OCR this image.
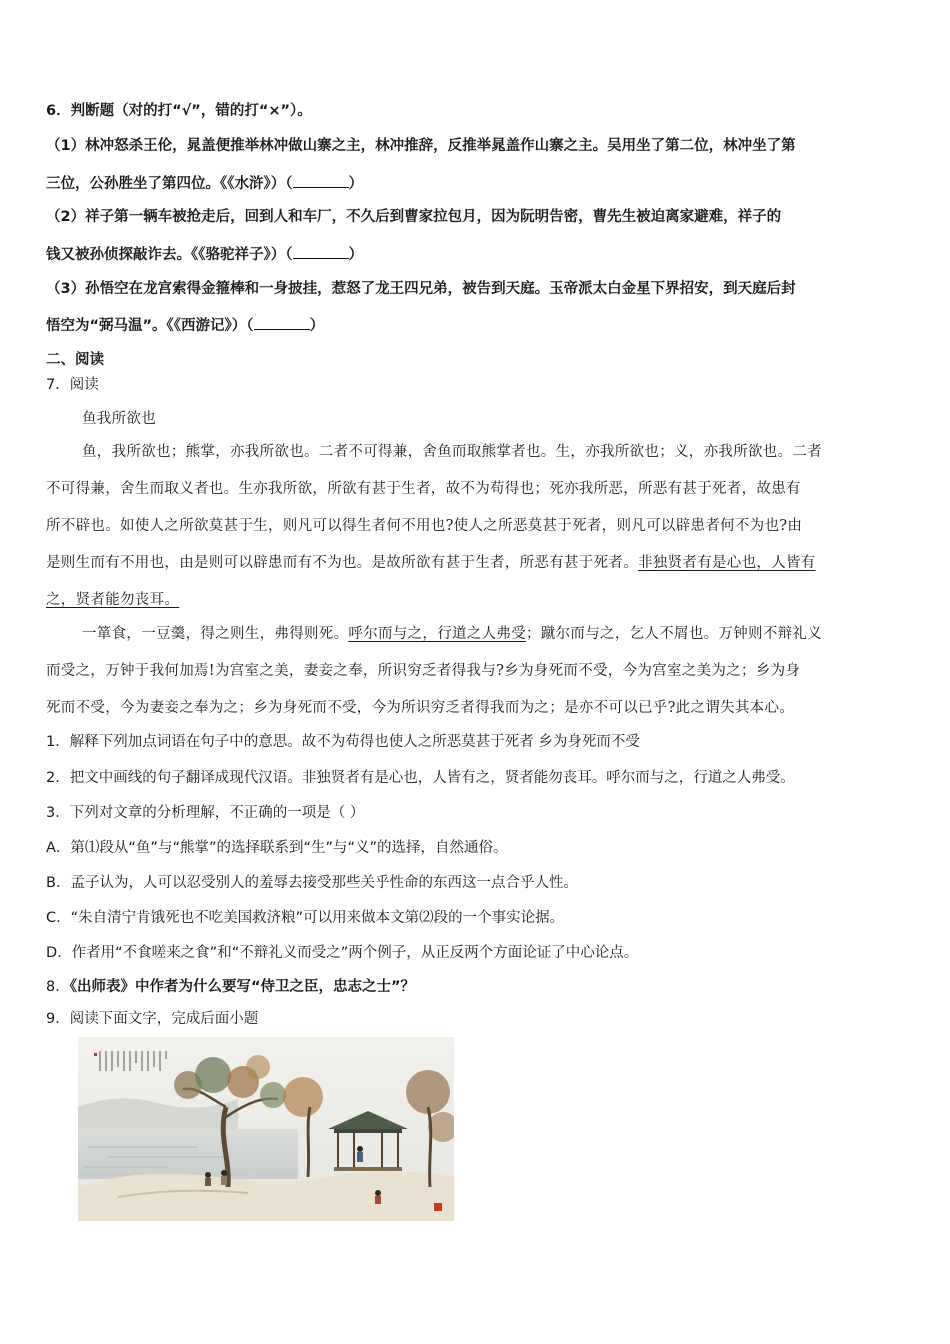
6．判断题（对的打“√”，错的打“×”）。
（1）林冲怒杀王伦，晁盖便推举林冲做山寨之主，林冲推辞，反推举晁盖作山寨之主。吴用坐了第二位，林冲坐了第
三位，公孙胜坐了第四位。《《水浒》）（	）
（2）祥子第一辆车被抢走后，回到人和车厂，不久后到曹家拉包月，因为阮明告密，曹先生被迫离家避难，祥子的
钱又被孙侦探敲诈去。《《骆驼祥子》）（	）
（3）孙悟空在龙宫索得金箍棒和一身披挂，惹怒了龙王四兄弟，被告到天庭。玉帝派太白金星下界招安，到天庭后封
悟空为“弼马温”。《《西游记》）（	）
二、阅读
7．阅读
鱼我所欲也
鱼，我所欲也；熊掌，亦我所欲也。二者不可得兼，舍鱼而取熊掌者也。生，亦我所欲也；义，亦我所欲也。二者
不可得兼，舍生而取义者也。生亦我所欲，所欲有甚于生者，故不为苟得也；死亦我所恶，所恶有甚于死者，故患有
所不辟也。如使人之所欲莫甚于生，则凡可以得生者何不用也?使人之所恶莫甚于死者，则凡可以辟患者何不为也?由
是则生而有不用也，由是则可以辟患而有不为也。是故所欲有甚于生者，所恶有甚于死者。非独贤者有是心也，人皆有
之，贤者能勿丧耳。
一箪食，一豆羹，得之则生，弗得则死。呼尔而与之，行道之人弗受；蹴尔而与之，乞人不屑也。万钟则不辩礼义
而受之，万钟于我何加焉!为宫室之美，妻妾之奉，所识穷乏者得我与?乡为身死而不受，今为宫室之美为之；乡为身
死而不受，今为妻妾之奉为之；乡为身死而不受，今为所识穷乏者得我而为之；是亦不可以已乎?此之谓失其本心。
1．解释下列加点词语在句子中的意思。故不为苟得也使人之所恶莫甚于死者 乡为身死而不受
2．把文中画线的句子翻译成现代汉语。非独贤者有是心也，人皆有之，贤者能勿丧耳。呼尔而与之，行道之人弗受。
3．下列对文章的分析理解，不正确的一项是（ ）
A．第⑴段从“鱼”与“熊掌”的选择联系到“生”与“义”的选择，自然通俗。
B．孟子认为，人可以忍受别人的羞辱去接受那些关乎性命的东西这一点合乎人性。
C．“朱自清宁肯饿死也不吃美国救济粮”可以用来做本文第⑵段的一个事实论据。
D．作者用“不食嗟来之食”和“不辩礼义而受之”两个例子，从正反两个方面论证了中心论点。
8．《出师表》中作者为什么要写“侍卫之臣，忠志之士”？
9．阅读下面文字，完成后面小题
